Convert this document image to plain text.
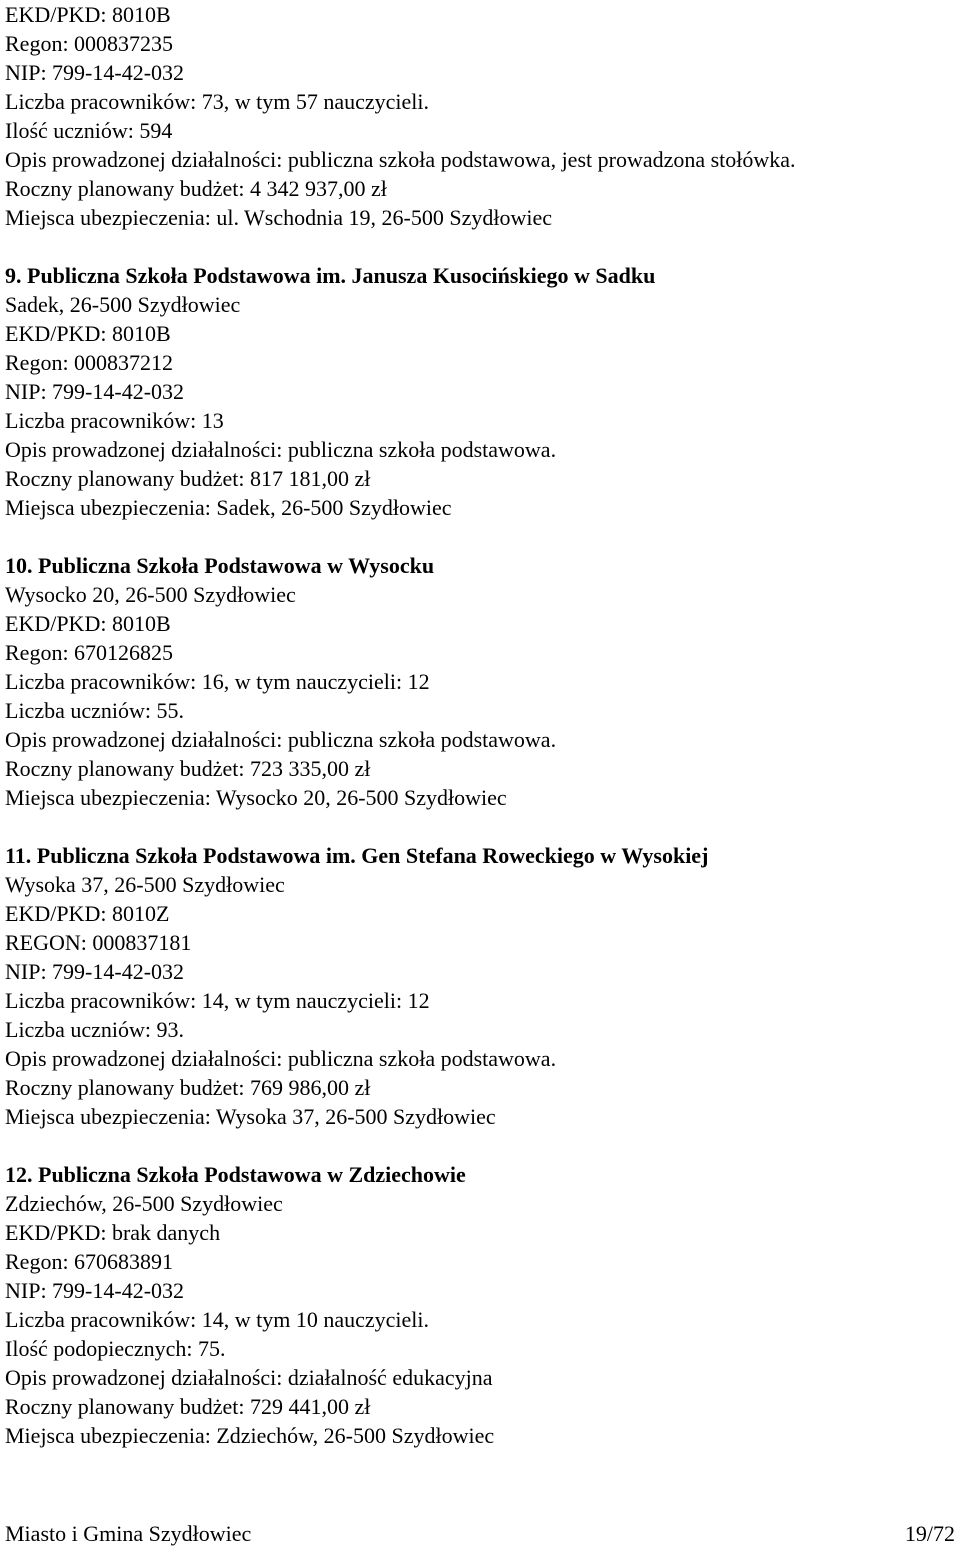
EKD/PKD: 8010B
Regon: 000837235
NIP: 799-14-42-032
Liczba pracowników: 73, w tym 57 nauczycieli.
Ilość uczniów: 594
Opis prowadzonej działalności: publiczna szkoła podstawowa, jest prowadzona stołówka.
Roczny planowany budżet: 4 342 937,00 zł
Miejsca ubezpieczenia: ul. Wschodnia 19, 26-500 Szydłowiec
9. Publiczna Szkoła Podstawowa im. Janusza Kusocińskiego w Sadku
Sadek, 26-500 Szydłowiec
EKD/PKD: 8010B
Regon: 000837212
NIP: 799-14-42-032
Liczba pracowników: 13
Opis prowadzonej działalności: publiczna szkoła podstawowa.
Roczny planowany budżet: 817 181,00 zł
Miejsca ubezpieczenia: Sadek, 26-500 Szydłowiec
10. Publiczna Szkoła Podstawowa w Wysocku
Wysocko 20, 26-500 Szydłowiec
EKD/PKD: 8010B
Regon: 670126825
Liczba pracowników: 16, w tym nauczycieli: 12
Liczba uczniów: 55.
Opis prowadzonej działalności: publiczna szkoła podstawowa.
Roczny planowany budżet: 723 335,00 zł
Miejsca ubezpieczenia: Wysocko 20, 26-500 Szydłowiec
11. Publiczna Szkoła Podstawowa im. Gen Stefana Roweckiego w Wysokiej
Wysoka 37, 26-500 Szydłowiec
EKD/PKD: 8010Z
REGON: 000837181
NIP: 799-14-42-032
Liczba pracowników: 14, w tym nauczycieli: 12
Liczba uczniów: 93.
Opis prowadzonej działalności: publiczna szkoła podstawowa.
Roczny planowany budżet: 769 986,00 zł
Miejsca ubezpieczenia: Wysoka 37, 26-500 Szydłowiec
12. Publiczna Szkoła Podstawowa w Zdziechowie
Zdziechów, 26-500 Szydłowiec
EKD/PKD: brak danych
Regon: 670683891
NIP: 799-14-42-032
Liczba pracowników: 14, w tym 10 nauczycieli.
Ilość podopiecznych: 75.
Opis prowadzonej działalności: działalność edukacyjna
Roczny planowany budżet: 729 441,00 zł
Miejsca ubezpieczenia: Zdziechów, 26-500 Szydłowiec
Miasto i Gmina Szydłowiec	19/72
